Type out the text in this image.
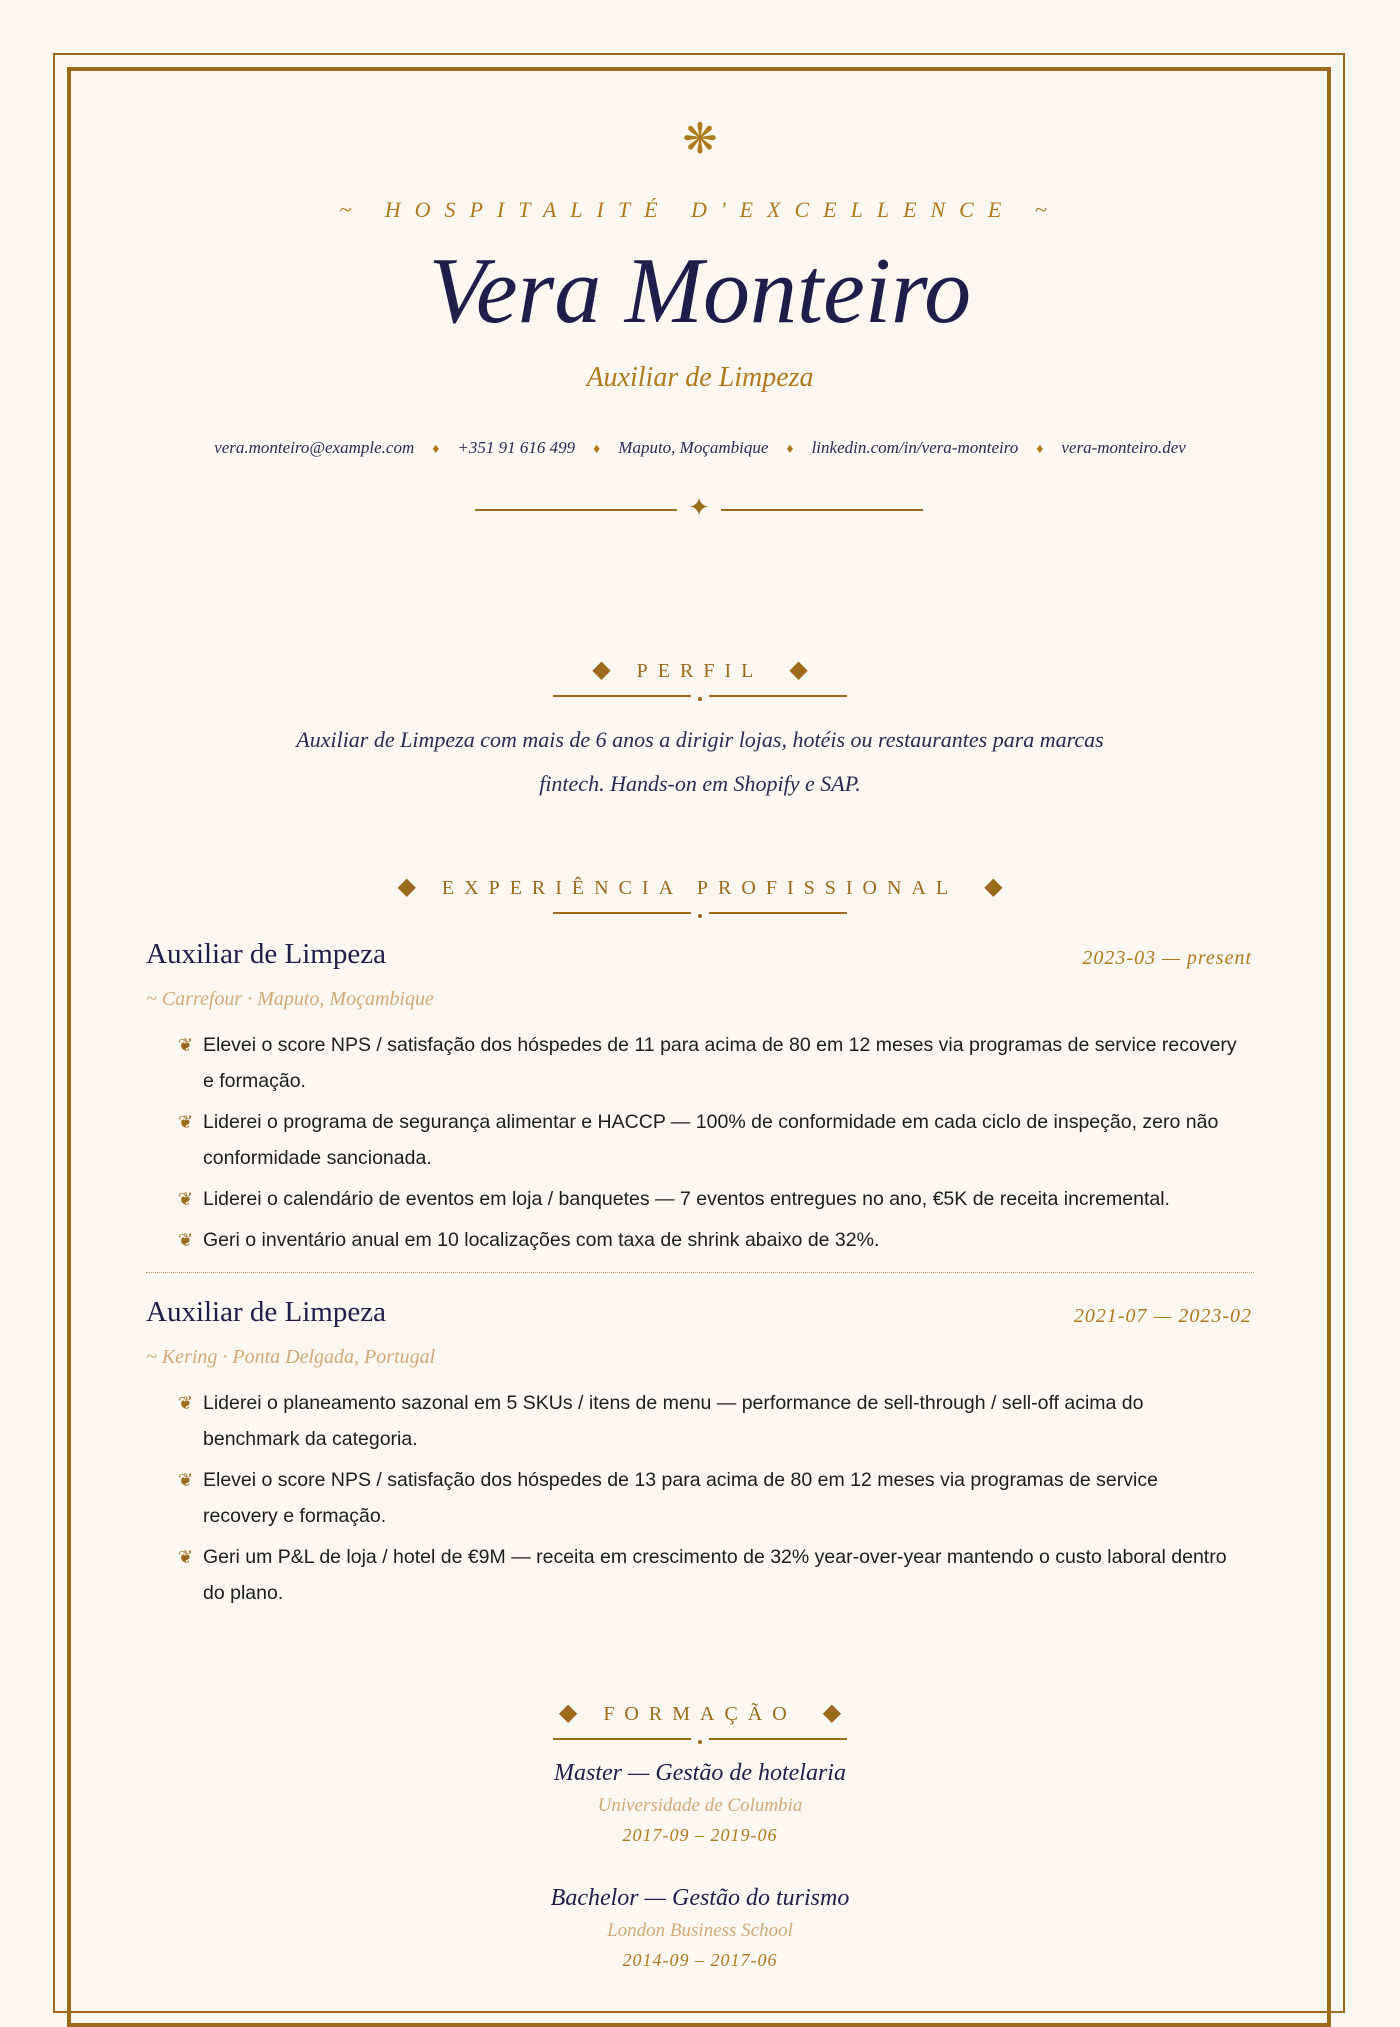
❋
~ HOSPITALITÉ D'EXCELLENCE ~
Vera Monteiro
Auxiliar de Limpeza
vera.monteiro@example.com ♦ +351 91 616 499 ♦ Maputo, Moçambique ♦ linkedin.com/in/vera-monteiro ♦ vera-monteiro.dev
✦
◆ PERFIL ◆
Auxiliar de Limpeza com mais de 6 anos a dirigir lojas, hotéis ou restaurantes para marcas fintech. Hands-on em Shopify e SAP.
◆ EXPERIÊNCIA PROFISSIONAL ◆
Auxiliar de Limpeza	2023-03 — present
~ Carrefour · Maputo, Moçambique
❦ Elevei o score NPS / satisfação dos hóspedes de 11 para acima de 80 em 12 meses via programas de service recovery e formação.
❦ Liderei o programa de segurança alimentar e HACCP — 100% de conformidade em cada ciclo de inspeção, zero não conformidade sancionada.
❦ Liderei o calendário de eventos em loja / banquetes — 7 eventos entregues no ano, €5K de receita incremental.
❦ Geri o inventário anual em 10 localizações com taxa de shrink abaixo de 32%.
Auxiliar de Limpeza	2021-07 — 2023-02
~ Kering · Ponta Delgada, Portugal
❦ Liderei o planeamento sazonal em 5 SKUs / itens de menu — performance de sell-through / sell-off acima do benchmark da categoria.
❦ Elevei o score NPS / satisfação dos hóspedes de 13 para acima de 80 em 12 meses via programas de service recovery e formação.
❦ Geri um P&L de loja / hotel de €9M — receita em crescimento de 32% year-over-year mantendo o custo laboral dentro do plano.
◆ FORMAÇÃO ◆
Master — Gestão de hotelaria
Universidade de Columbia
2017-09 – 2019-06
Bachelor — Gestão do turismo
London Business School
2014-09 – 2017-06
